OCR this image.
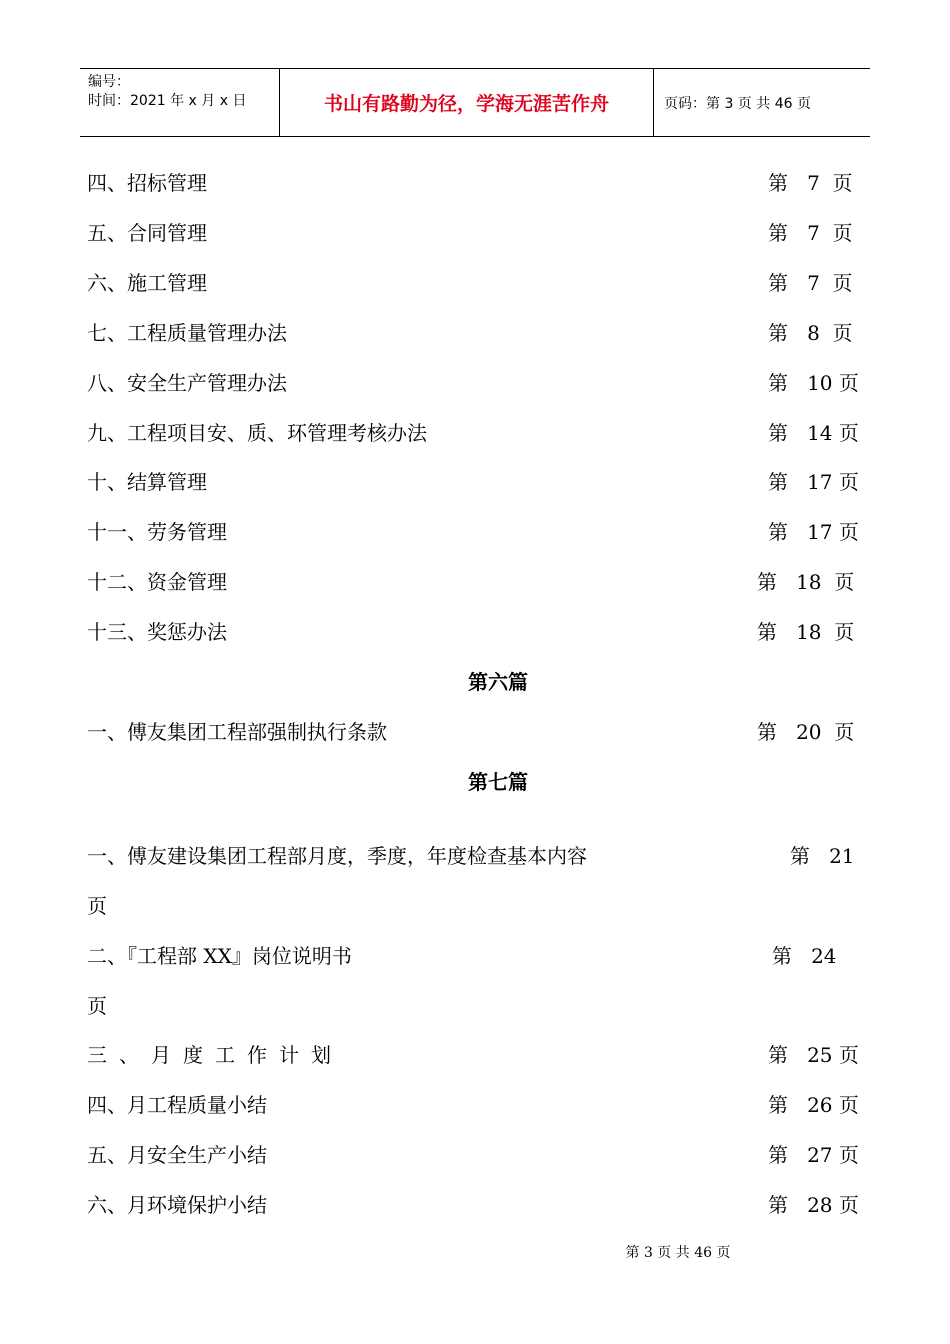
编号：
时间：2021 年 x 月 x 日	书山有路勤为径，学海无涯苦作舟	页码：第 3 页 共 46 页
四、招标管理	第   7  页
五、合同管理	第   7  页
六、施工管理	第   7  页
七、工程质量管理办法	第   8  页
八、安全生产管理办法	第   10 页
九、工程项目安、质、环管理考核办法	第   14 页
十、结算管理	第   17 页
十一、劳务管理	第   17 页
十二、资金管理	第   18  页
十三、奖惩办法	第   18  页
第六篇
一、傅友集团工程部强制执行条款	第   20  页
第七篇
一、傅友建设集团工程部月度，季度，年度检查基本内容	第   21
页
二、『工程部 XX』岗位说明书	第   24
页
三、月度工作计划	第   25 页
四、月工程质量小结	第   26 页
五、月安全生产小结	第   27 页
六、月环境保护小结	第   28 页
第 3 页 共 46 页
